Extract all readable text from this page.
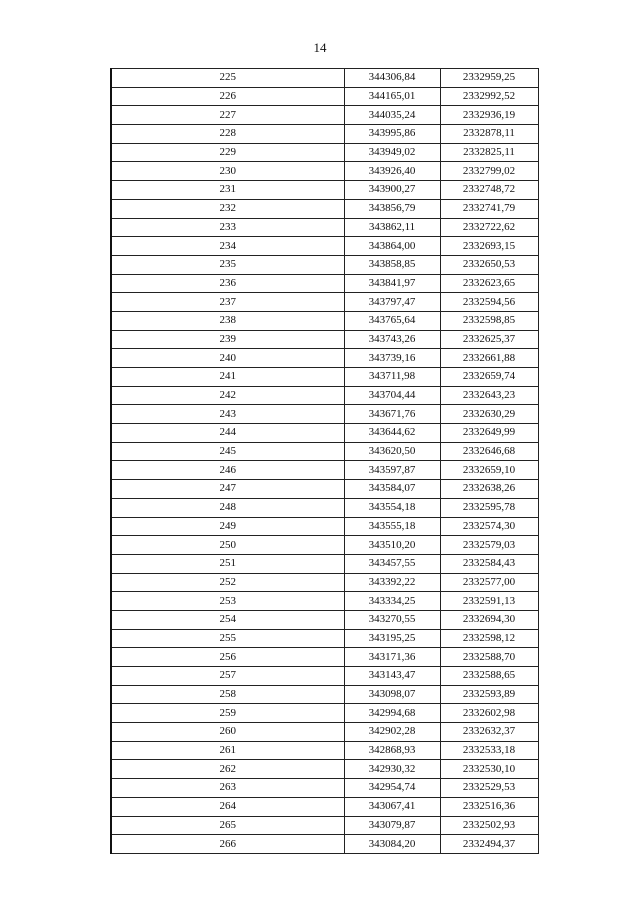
14
225	344306,84	2332959,25
226	344165,01	2332992,52
227	344035,24	2332936,19
228	343995,86	2332878,11
229	343949,02	2332825,11
230	343926,40	2332799,02
231	343900,27	2332748,72
232	343856,79	2332741,79
233	343862,11	2332722,62
234	343864,00	2332693,15
235	343858,85	2332650,53
236	343841,97	2332623,65
237	343797,47	2332594,56
238	343765,64	2332598,85
239	343743,26	2332625,37
240	343739,16	2332661,88
241	343711,98	2332659,74
242	343704,44	2332643,23
243	343671,76	2332630,29
244	343644,62	2332649,99
245	343620,50	2332646,68
246	343597,87	2332659,10
247	343584,07	2332638,26
248	343554,18	2332595,78
249	343555,18	2332574,30
250	343510,20	2332579,03
251	343457,55	2332584,43
252	343392,22	2332577,00
253	343334,25	2332591,13
254	343270,55	2332694,30
255	343195,25	2332598,12
256	343171,36	2332588,70
257	343143,47	2332588,65
258	343098,07	2332593,89
259	342994,68	2332602,98
260	342902,28	2332632,37
261	342868,93	2332533,18
262	342930,32	2332530,10
263	342954,74	2332529,53
264	343067,41	2332516,36
265	343079,87	2332502,93
266	343084,20	2332494,37
